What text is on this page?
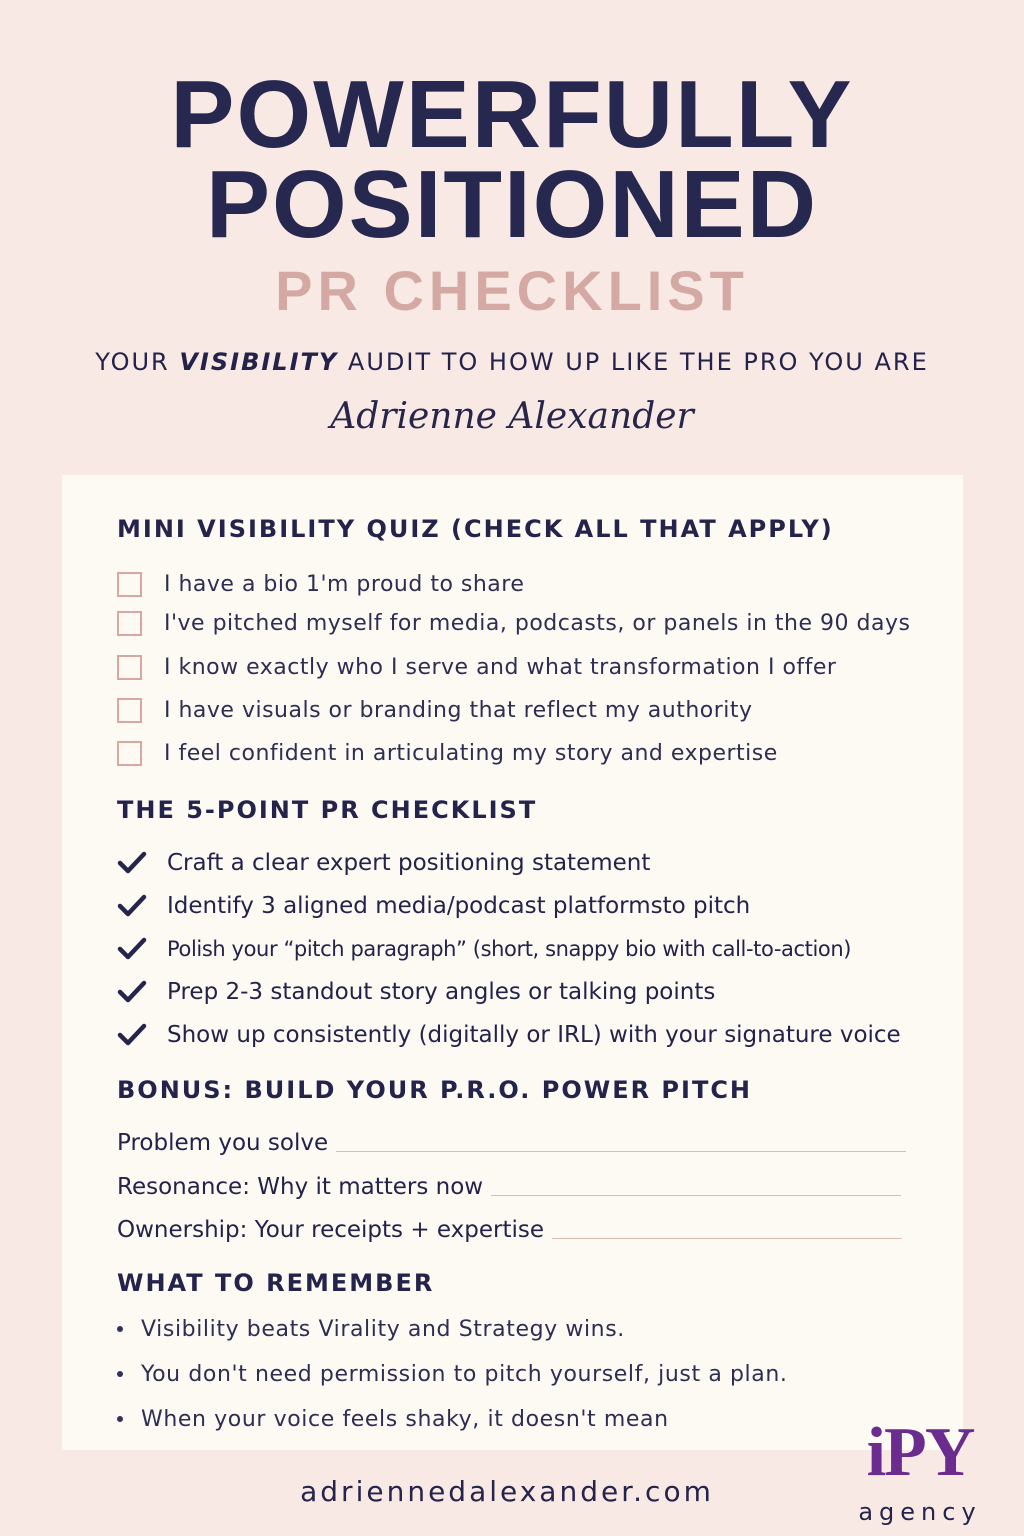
POWERFULLY
POSITIONED
PR CHECKLIST
YOUR VISIBILITY AUDIT TO HOW UP LIKE THE PRO YOU ARE
Adrienne Alexander
MINI VISIBILITY QUIZ (CHECK ALL THAT APPLY)
I have a bio 1'm proud to share
I've pitched myself for media, podcasts, or panels in the 90 days
I know exactly who I serve and what transformation I offer
I have visuals or branding that reflect my authority
I feel confident in articulating my story and expertise
THE 5-POINT PR CHECKLIST
Craft a clear expert positioning statement
Identify 3 aligned media/podcast platformsto pitch
Polish your “pitch paragraph” (short, snappy bio with call-to-action)
Prep 2-3 standout story angles or talking points
Show up consistently (digitally or IRL) with your signature voice
BONUS: BUILD YOUR P.R.O. POWER PITCH
Problem you solve
Resonance: Why it matters now
Ownership: Your receipts + expertise
WHAT TO REMEMBER
Visibility beats Virality and Strategy wins.
You don't need permission to pitch yourself, just a plan.
When your voice feels shaky, it doesn't mean
adriennedalexander.com
iPY
agency
